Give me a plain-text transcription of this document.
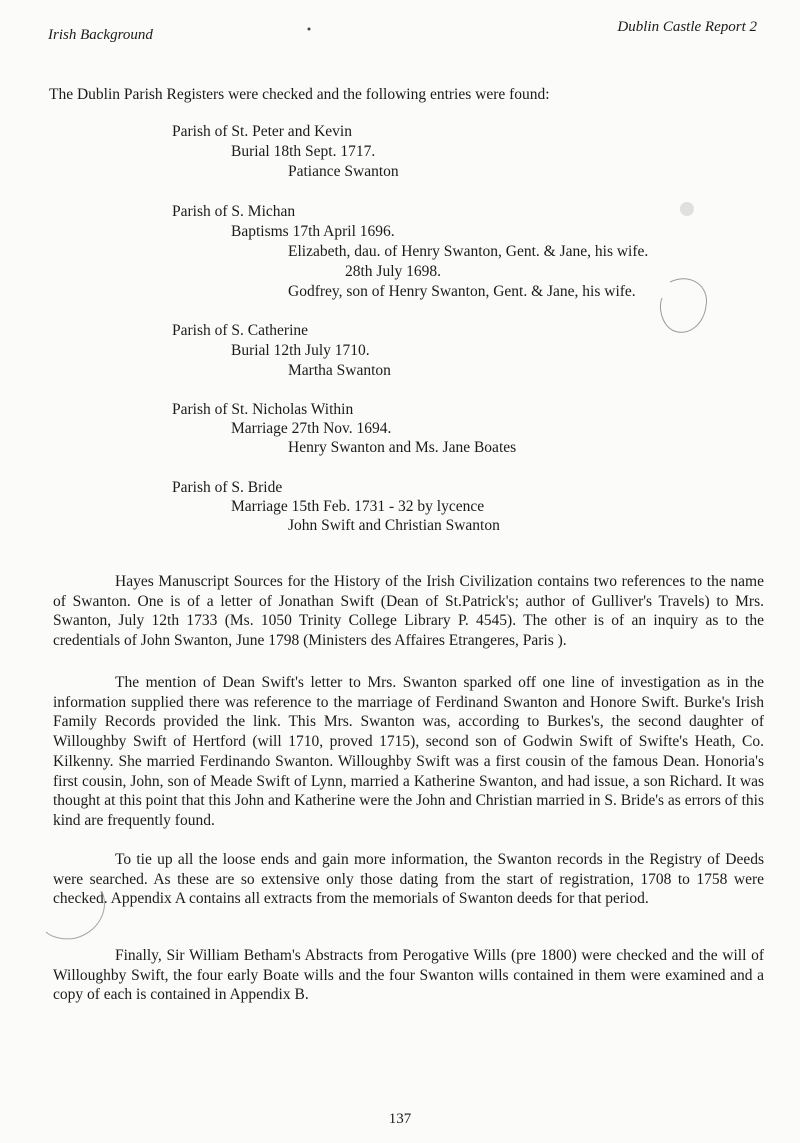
Irish Background	Dublin Castle Report 2
The Dublin Parish Registers were checked and the following entries were found:
Parish of St. Peter and Kevin
Burial 18th Sept. 1717.
Patiance Swanton
Parish of S. Michan
Baptisms 17th April 1696.
Elizabeth, dau. of Henry Swanton, Gent. & Jane, his wife.
28th July 1698.
Godfrey, son of Henry Swanton, Gent. & Jane, his wife.
Parish of S. Catherine
Burial 12th July 1710.
Martha Swanton
Parish of St. Nicholas Within
Marriage 27th Nov. 1694.
Henry Swanton and Ms. Jane Boates
Parish of S. Bride
Marriage 15th Feb. 1731 - 32 by lycence
John Swift and Christian Swanton

Hayes Manuscript Sources for the History of the Irish Civilization contains two references to the name of Swanton. One is of a letter of Jonathan Swift (Dean of St.Patrick's; author of Gulliver's Travels) to Mrs. Swanton, July 12th 1733 (Ms. 1050 Trinity College Library P. 4545). The other is of an inquiry as to the credentials of John Swanton, June 1798 (Ministers des Affaires Etrangeres, Paris ).

The mention of Dean Swift's letter to Mrs. Swanton sparked off one line of investigation as in the information supplied there was reference to the marriage of Ferdinand Swanton and Honore Swift. Burke's Irish Family Records provided the link. This Mrs. Swanton was, according to Burkes's, the second daughter of Willoughby Swift of Hertford (will 1710, proved 1715), second son of Godwin Swift of Swifte's Heath, Co. Kilkenny. She married Ferdinando Swanton. Willoughby Swift was a first cousin of the famous Dean. Honoria's first cousin, John, son of Meade Swift of Lynn, married a Katherine Swanton, and had issue, a son Richard. It was thought at this point that this John and Katherine were the John and Christian married in S. Bride's as errors of this kind are frequently found.

To tie up all the loose ends and gain more information, the Swanton records in the Registry of Deeds were searched. As these are so extensive only those dating from the start of registration, 1708 to 1758 were checked. Appendix A contains all extracts from the memorials of Swanton deeds for that period.

Finally, Sir William Betham's Abstracts from Perogative Wills (pre 1800) were checked and the will of Willoughby Swift, the four early Boate wills and the four Swanton wills contained in them were examined and a copy of each is contained in Appendix B.

137
